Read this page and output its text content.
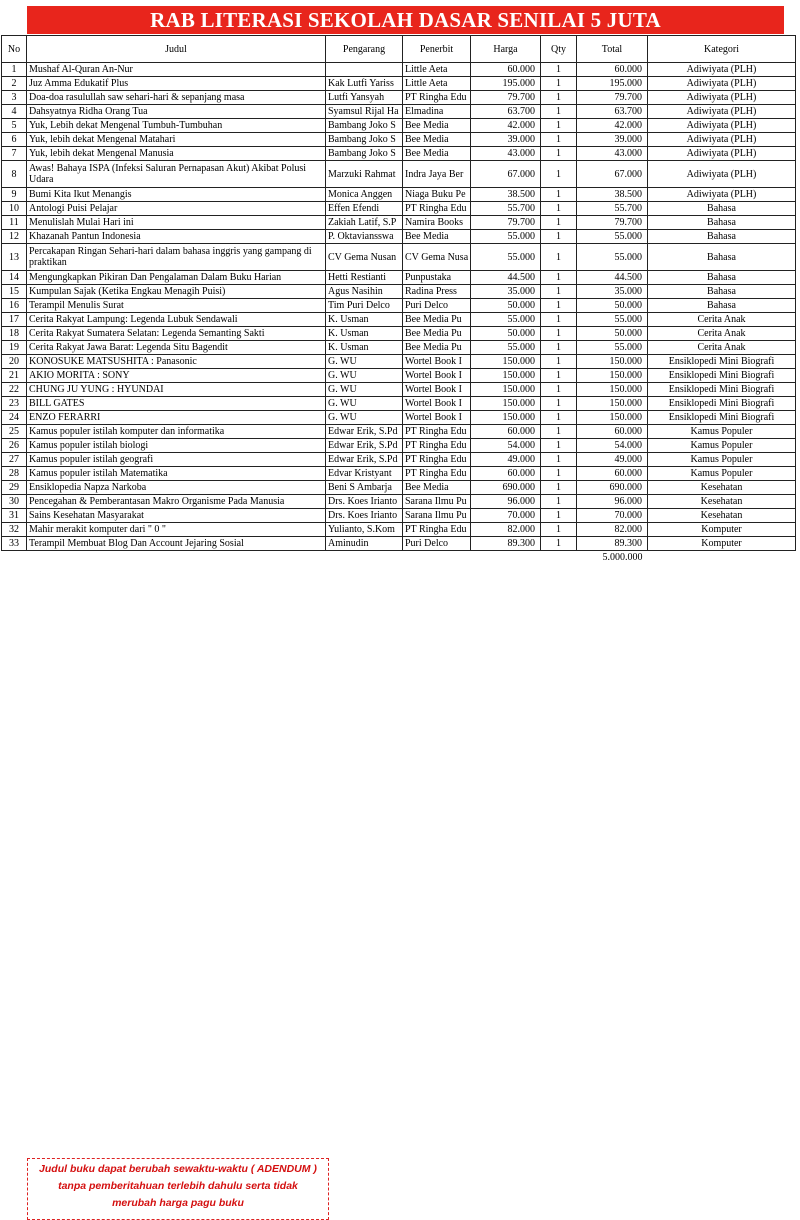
RAB LITERASI SEKOLAH DASAR SENILAI 5 JUTA
No	Judul	Pengarang	Penerbit	Harga	Qty	Total	Kategori
1	Mushaf Al-Quran An-Nur		Little Aeta	60.000	1	60.000	Adiwiyata (PLH)
2	Juz Amma Edukatif Plus	Kak Lutfi Yariss	Little Aeta	195.000	1	195.000	Adiwiyata (PLH)
3	Doa-doa rasulullah saw sehari-hari & sepanjang masa	Lutfi Yansyah	PT Ringha Edu	79.700	1	79.700	Adiwiyata (PLH)
4	Dahsyatnya Ridha Orang Tua	Syamsul Rijal Ha	Elmadina	63.700	1	63.700	Adiwiyata (PLH)
5	Yuk, Lebih dekat Mengenal Tumbuh-Tumbuhan	Bambang Joko S	Bee Media	42.000	1	42.000	Adiwiyata (PLH)
6	Yuk, lebih dekat Mengenal Matahari	Bambang Joko S	Bee Media	39.000	1	39.000	Adiwiyata (PLH)
7	Yuk, lebih dekat Mengenal Manusia	Bambang Joko S	Bee Media	43.000	1	43.000	Adiwiyata (PLH)
8	Awas! Bahaya ISPA (Infeksi Saluran Pernapasan Akut) Akibat Polusi Udara	Marzuki Rahmat	Indra Jaya Ber	67.000	1	67.000	Adiwiyata (PLH)
9	Bumi Kita Ikut Menangis	Monica Anggen	Niaga Buku Pe	38.500	1	38.500	Adiwiyata (PLH)
10	Antologi Puisi Pelajar	Effen Efendi	PT Ringha Edu	55.700	1	55.700	Bahasa
11	Menulislah Mulai Hari ini	Zakiah Latif, S.P	Namira Books	79.700	1	79.700	Bahasa
12	Khazanah Pantun Indonesia	P. Oktaviansswa	Bee Media	55.000	1	55.000	Bahasa
13	Percakapan Ringan Sehari-hari dalam bahasa inggris yang gampang di praktikan	CV Gema Nusan	CV Gema Nusa	55.000	1	55.000	Bahasa
14	Mengungkapkan Pikiran Dan Pengalaman Dalam Buku Harian	Hetti Restianti	Punpustaka	44.500	1	44.500	Bahasa
15	Kumpulan Sajak (Ketika Engkau Menagih Puisi)	Agus Nasihin	Radina Press	35.000	1	35.000	Bahasa
16	Terampil Menulis Surat	Tim Puri Delco	Puri Delco	50.000	1	50.000	Bahasa
17	Cerita Rakyat Lampung: Legenda Lubuk Sendawali	K. Usman	Bee Media Pu	55.000	1	55.000	Cerita Anak
18	Cerita Rakyat Sumatera Selatan: Legenda Semanting Sakti	K. Usman	Bee Media Pu	50.000	1	50.000	Cerita Anak
19	Cerita Rakyat Jawa Barat: Legenda Situ Bagendit	K. Usman	Bee Media Pu	55.000	1	55.000	Cerita Anak
20	KONOSUKE MATSUSHITA : Panasonic	G. WU	Wortel Book I	150.000	1	150.000	Ensiklopedi Mini Biografi
21	AKIO MORITA : SONY	G. WU	Wortel Book I	150.000	1	150.000	Ensiklopedi Mini Biografi
22	CHUNG JU YUNG : HYUNDAI	G. WU	Wortel Book I	150.000	1	150.000	Ensiklopedi Mini Biografi
23	BILL GATES	G. WU	Wortel Book I	150.000	1	150.000	Ensiklopedi Mini Biografi
24	ENZO FERARRI	G. WU	Wortel Book I	150.000	1	150.000	Ensiklopedi Mini Biografi
25	Kamus populer istilah komputer dan informatika	Edwar Erik, S.Pd	PT Ringha Edu	60.000	1	60.000	Kamus Populer
26	Kamus populer istilah biologi	Edwar Erik, S.Pd	PT Ringha Edu	54.000	1	54.000	Kamus Populer
27	Kamus populer istilah geografi	Edwar Erik, S.Pd	PT Ringha Edu	49.000	1	49.000	Kamus Populer
28	Kamus populer istilah Matematika	Edvar Kristyant	PT Ringha Edu	60.000	1	60.000	Kamus Populer
29	Ensiklopedia Napza Narkoba	Beni S Ambarja	Bee Media	690.000	1	690.000	Kesehatan
30	Pencegahan & Pemberantasan Makro Organisme Pada Manusia	Drs. Koes Irianto	Sarana Ilmu Pu	96.000	1	96.000	Kesehatan
31	Sains Kesehatan Masyarakat	Drs. Koes Irianto	Sarana Ilmu Pu	70.000	1	70.000	Kesehatan
32	Mahir merakit komputer dari " 0 "	Yulianto, S.Kom	PT Ringha Edu	82.000	1	82.000	Komputer
33	Terampil Membuat Blog Dan Account Jejaring Sosial	Aminudin	Puri Delco	89.300	1	89.300	Komputer
						5.000.000	
Judul buku dapat berubah sewaktu-waktu ( ADENDUM )
tanpa pemberitahuan terlebih dahulu serta tidak
merubah harga pagu buku
